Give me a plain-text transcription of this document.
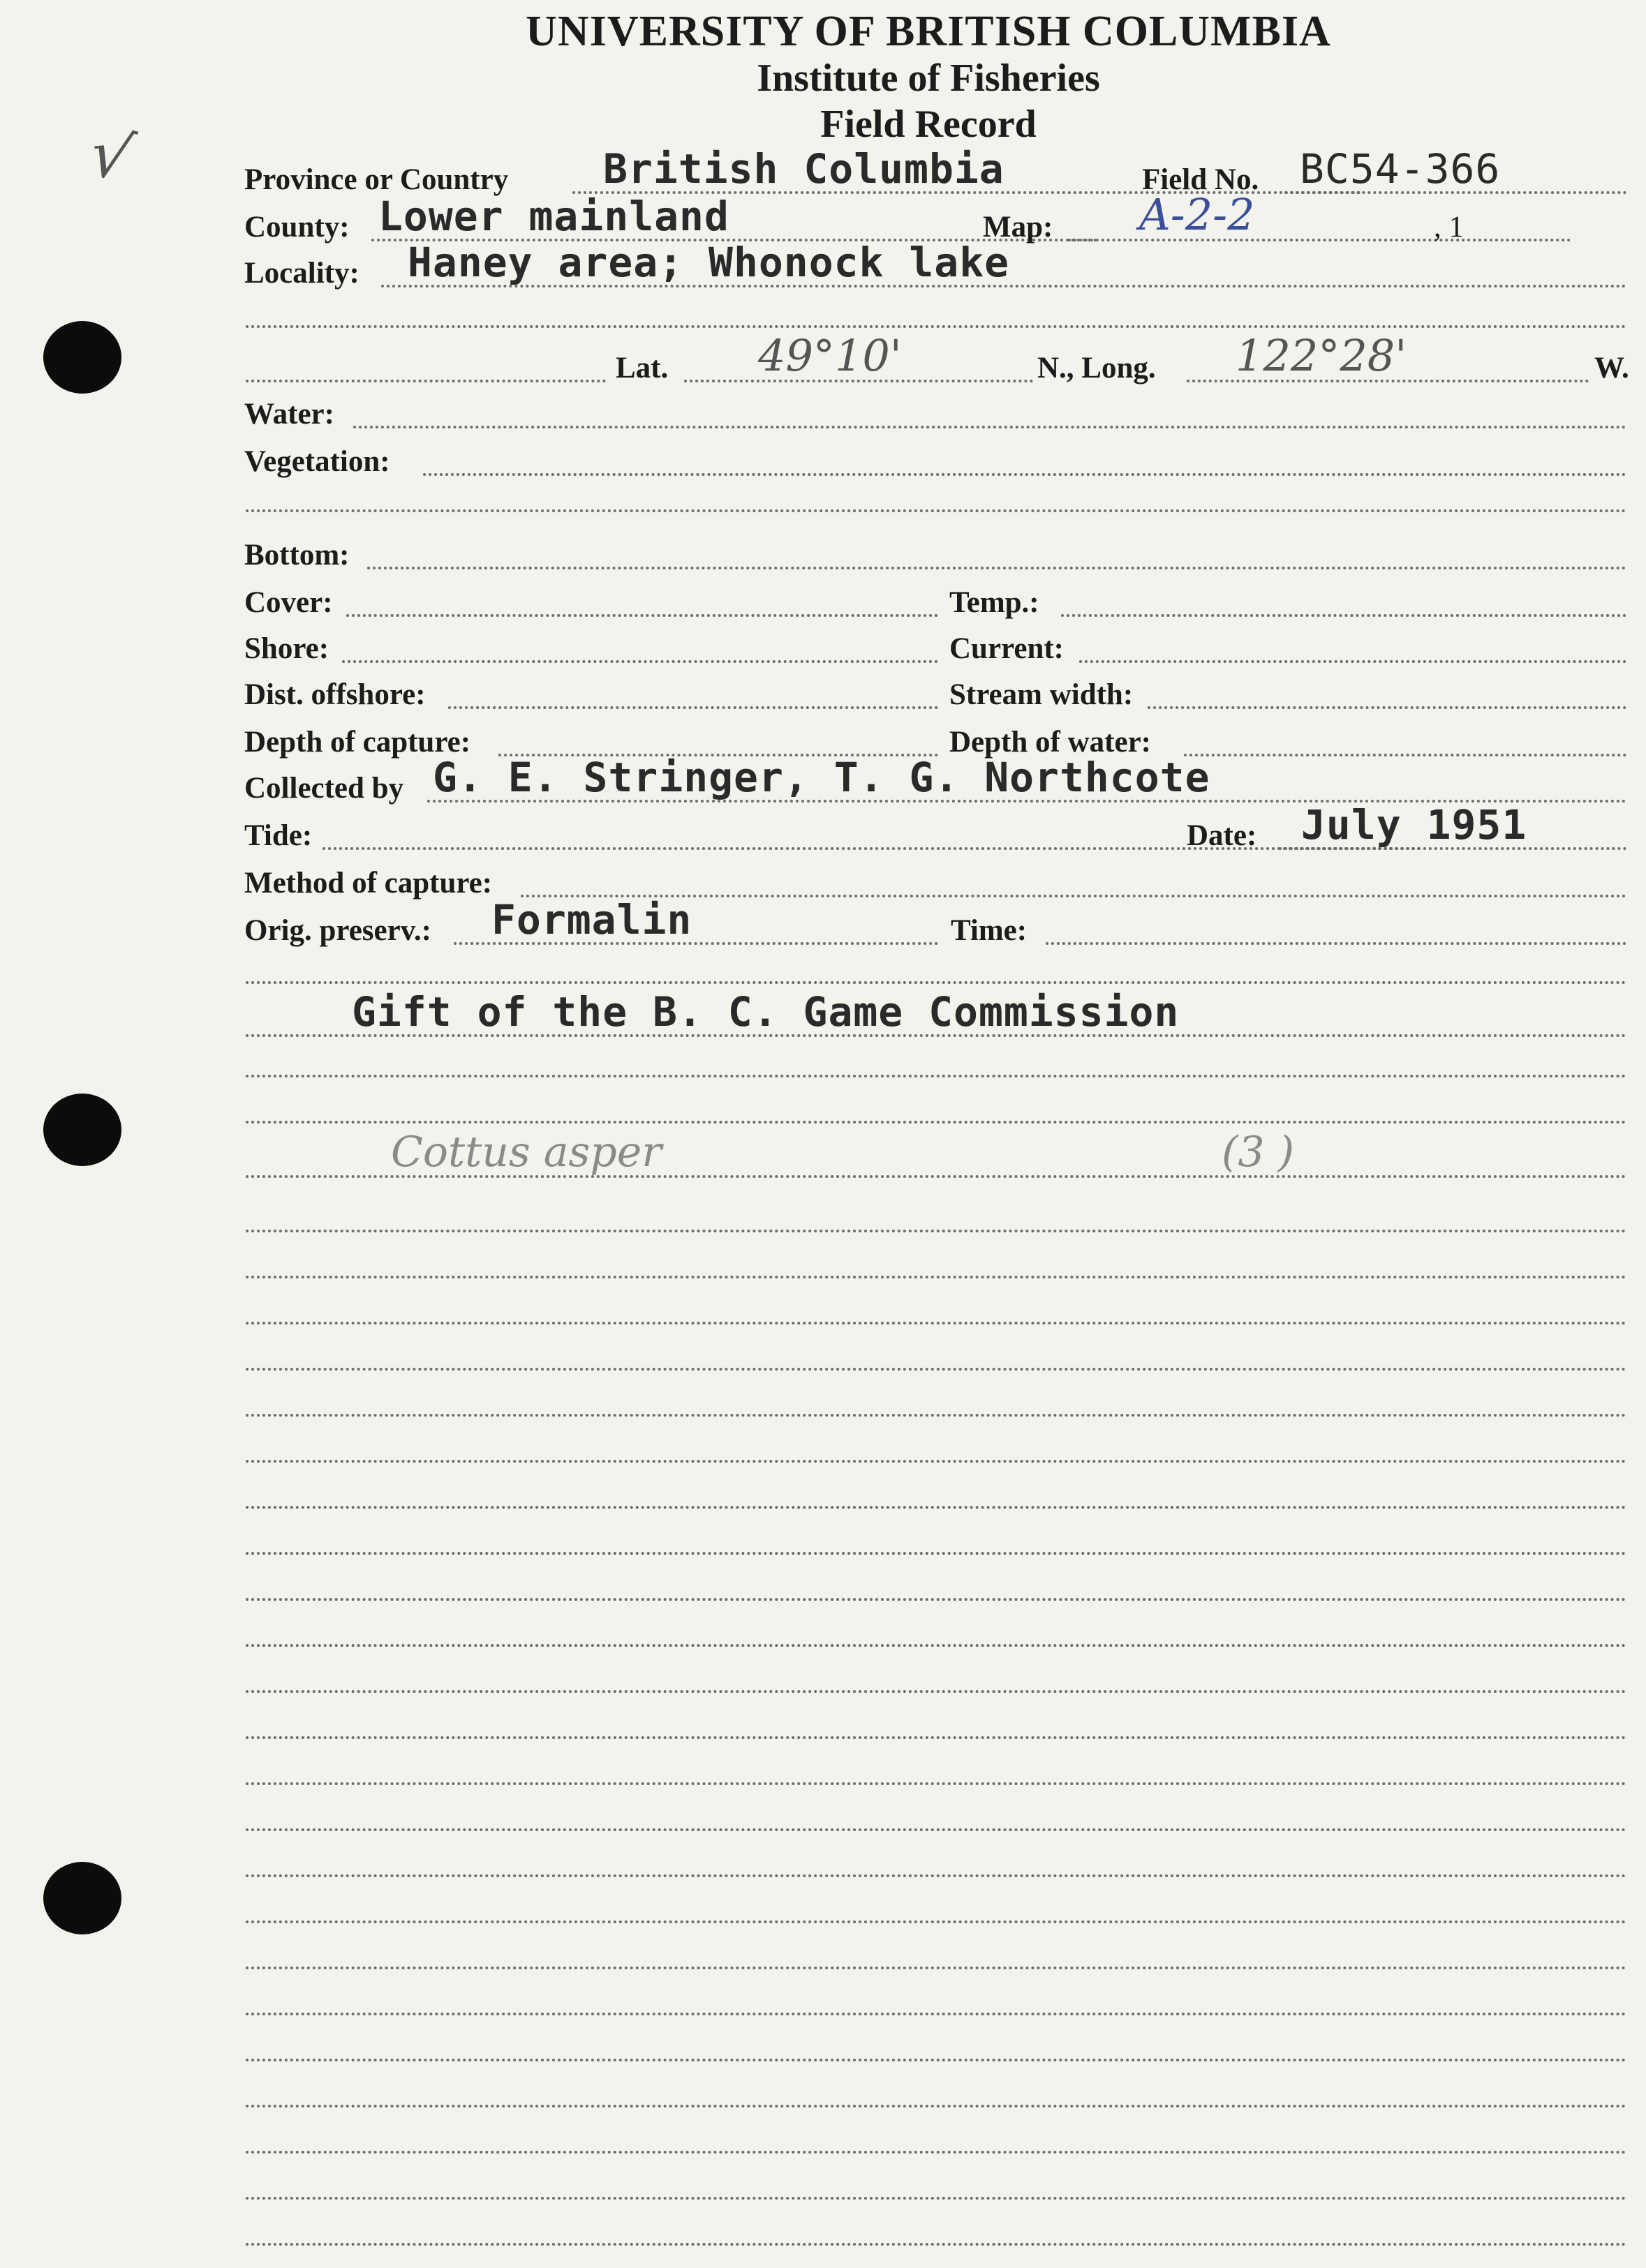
UNIVERSITY OF BRITISH COLUMBIA
Institute of Fisheries
Field Record
√	Province or Country British Columbia	Field No. BC54-366
County: Lower mainland	Map: A-2-2	, 1
Locality: Haney area; Whonock lake
Lat. 49°10'	N., Long. 122°28'	W.
Water:
Vegetation:
Bottom:
Cover:	Temp.:
Shore:	Current:
Dist. offshore:	Stream width:
Depth of capture:	Depth of water:
Collected by G. E. Stringer, T. G. Northcote
Tide:	Date: July 1951
Method of capture:
Orig. preserv.: Formalin	Time:
Gift of the B. C. Game Commission
Cottus asper	(3 )
